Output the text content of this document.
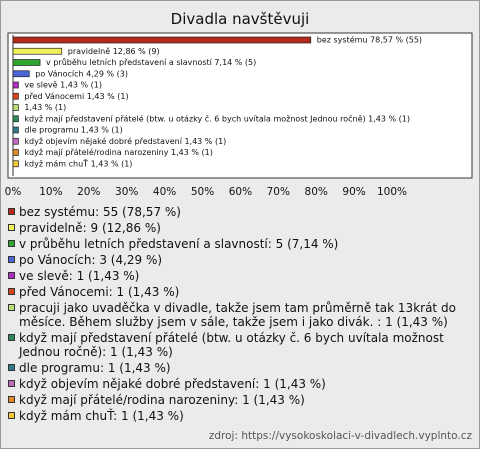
Divadla navštěvuji
bez systému 78,57 % (55)
pravidelně 12,86 % (9)
v průběhu letních představení a slavností 7,14 % (5)
po Vánocích 4,29 % (3)
ve slevě 1,43 % (1)
před Vánocemi 1,43 % (1)
1,43 % (1)
když mají představení přátelé (btw. u otázky č. 6 bych uvítala možnost Jednou ročně) 1,43 % (1)
dle programu 1,43 % (1)
když objevím nějaké dobré představení 1,43 % (1)
když mají přátelé/rodina narozeniny 1,43 % (1)
když mám chuŤ 1,43 % (1)
0% 10% 20% 30% 40% 50% 60% 70% 80% 90% 100%
bez systému: 55 (78,57 %)
pravidelně: 9 (12,86 %)
v průběhu letních představení a slavností: 5 (7,14 %)
po Vánocích: 3 (4,29 %)
ve slevě: 1 (1,43 %)
před Vánocemi: 1 (1,43 %)
pracuji jako uvaděčka v divadle, takže jsem tam průměrně tak 13krát do měsíce. Během služby jsem v sále, takže jsem i jako divák. : 1 (1,43 %)
když mají představení přátelé (btw. u otázky č. 6 bych uvítala možnost Jednou ročně): 1 (1,43 %)
dle programu: 1 (1,43 %)
když objevím nějaké dobré představení: 1 (1,43 %)
když mají přátelé/rodina narozeniny: 1 (1,43 %)
když mám chuŤ: 1 (1,43 %)
zdroj: https://vysokoskolaci-v-divadlech.vyplnto.cz
